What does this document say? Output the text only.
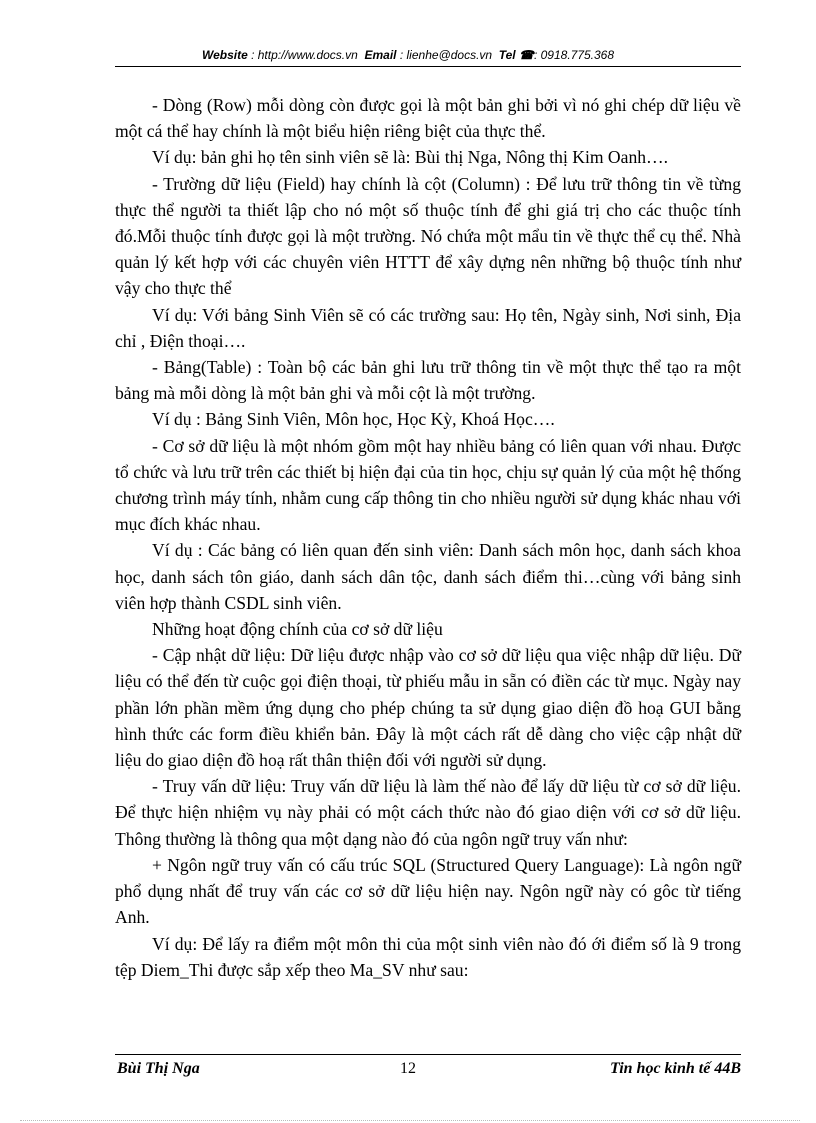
Website : http://www.docs.vn Email : lienhe@docs.vn Tel ☎: 0918.775.368

- Dòng (Row) mỗi dòng còn được gọi là một bản ghi bởi vì nó ghi chép dữ liệu về một cá thể hay chính là một biểu hiện riêng biệt của thực thể.

Ví dụ: bản ghi họ tên sinh viên sẽ là: Bùi thị Nga, Nông thị Kim Oanh….

- Trường dữ liệu (Field) hay chính là cột (Column) : Để lưu trữ thông tin về từng thực thể người ta thiết lập cho nó một số thuộc tính để ghi giá trị cho các thuộc tính đó.Mỗi thuộc tính được gọi là một trường. Nó chứa một mẩu tin về thực thể cụ thể. Nhà quản lý kết hợp với các chuyên viên HTTT để xây dựng nên những bộ thuộc tính như vậy cho thực thể

Ví dụ: Với bảng Sinh Viên sẽ có các trường sau: Họ tên, Ngày sinh, Nơi sinh, Địa chỉ , Điện thoại….

- Bảng(Table) : Toàn bộ các bản ghi lưu trữ thông tin về một thực thể tạo ra một bảng mà mỗi dòng là một bản ghi và mỗi cột là một trường.

Ví dụ : Bảng Sinh Viên, Môn học, Học Kỳ, Khoá Học….

- Cơ sở dữ liệu là một nhóm gồm một hay nhiều bảng có liên quan với nhau. Được tổ chức và lưu trữ trên các thiết bị hiện đại của tin học, chịu sự quản lý của một hệ thống chương trình máy tính, nhằm cung cấp thông tin cho nhiều người sử dụng khác nhau với mục đích khác nhau.

Ví dụ : Các bảng có liên quan đến sinh viên: Danh sách môn học, danh sách khoa học, danh sách tôn giáo, danh sách dân tộc, danh sách điểm thi…cùng với bảng sinh viên hợp thành CSDL sinh viên.

Những hoạt động chính của cơ sở dữ liệu

- Cập nhật dữ liệu: Dữ liệu được nhập vào cơ sở dữ liệu qua việc nhập dữ liệu. Dữ liệu có thể đến từ cuộc gọi điện thoại, từ phiếu mẫu in sẵn có điền các từ mục. Ngày nay phần lớn phần mềm ứng dụng cho phép chúng ta sử dụng giao diện đồ hoạ GUI bằng hình thức các form điều khiển bản. Đây là một cách rất dễ dàng cho việc cập nhật dữ liệu do giao diện đồ hoạ rất thân thiện đối với người sử dụng.

- Truy vấn dữ liệu: Truy vấn dữ liệu là làm thế nào để lấy dữ liệu từ cơ sở dữ liệu. Để thực hiện nhiệm vụ này phải có một cách thức nào đó giao diện với cơ sở dữ liệu. Thông thường là thông qua một dạng nào đó của ngôn ngữ truy vấn như:

+ Ngôn ngữ truy vấn có cấu trúc SQL (Structured Query Language): Là ngôn ngữ phổ dụng nhất để truy vấn các cơ sở dữ liệu hiện nay. Ngôn ngữ này có gôc từ tiếng Anh.

Ví dụ: Để lấy ra điểm một môn thi của một sinh viên nào đó ới điểm số là 9 trong tệp Diem_Thi được sắp xếp theo Ma_SV như sau:

Bùi Thị Nga	12	Tin học kinh tế 44B
